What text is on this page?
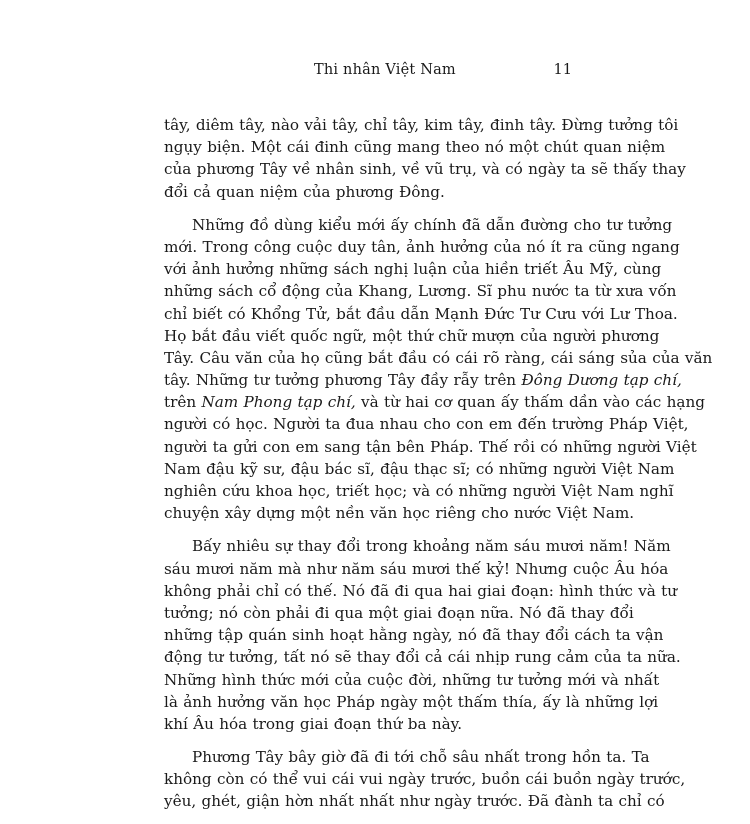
Thi nhân Việt Nam	11
tây, diêm tây, nào vải tây, chỉ tây, kim tây, đinh tây. Đừng tưởng tôi
ngụy biện. Một cái đinh cũng mang theo nó một chút quan niệm
của phương Tây về nhân sinh, về vũ trụ, và có ngày ta sẽ thấy thay
đổi cả quan niệm của phương Đông.
Những đồ dùng kiểu mới ấy chính đã dẫn đường cho tư tưởng
mới. Trong công cuộc duy tân, ảnh hưởng của nó ít ra cũng ngang
với ảnh hưởng những sách nghị luận của hiền triết Âu Mỹ, cùng
những sách cổ động của Khang, Lương. Sĩ phu nước ta từ xưa vốn
chỉ biết có Khổng Tử, bắt đầu dẫn Mạnh Đức Tư Cưu với Lư Thoa.
Họ bắt đầu viết quốc ngữ, một thứ chữ mượn của người phương
Tây. Câu văn của họ cũng bắt đầu có cái rõ ràng, cái sáng sủa của văn
tây. Những tư tưởng phương Tây đầy rẫy trên Đông Dương tạp chí,
trên Nam Phong tạp chí, và từ hai cơ quan ấy thấm dần vào các hạng
người có học. Người ta đua nhau cho con em đến trường Pháp Việt,
người ta gửi con em sang tận bên Pháp. Thế rồi có những người Việt
Nam đậu kỹ sư, đậu bác sĩ, đậu thạc sĩ; có những người Việt Nam
nghiên cứu khoa học, triết học; và có những người Việt Nam nghĩ
chuyện xây dựng một nền văn học riêng cho nước Việt Nam.
Bấy nhiêu sự thay đổi trong khoảng năm sáu mươi năm! Năm
sáu mươi năm mà như năm sáu mươi thế kỷ! Nhưng cuộc Âu hóa
không phải chỉ có thế. Nó đã đi qua hai giai đoạn: hình thức và tư
tưởng; nó còn phải đi qua một giai đoạn nữa. Nó đã thay đổi
những tập quán sinh hoạt hằng ngày, nó đã thay đổi cách ta vận
động tư tưởng, tất nó sẽ thay đổi cả cái nhịp rung cảm của ta nữa.
Những hình thức mới của cuộc đời, những tư tưởng mới và nhất
là ảnh hưởng văn học Pháp ngày một thấm thía, ấy là những lợi
khí Âu hóa trong giai đoạn thứ ba này.
Phương Tây bây giờ đã đi tới chỗ sâu nhất trong hồn ta. Ta
không còn có thể vui cái vui ngày trước, buồn cái buồn ngày trước,
yêu, ghét, giận hờn nhất nhất như ngày trước. Đã đành ta chỉ có
